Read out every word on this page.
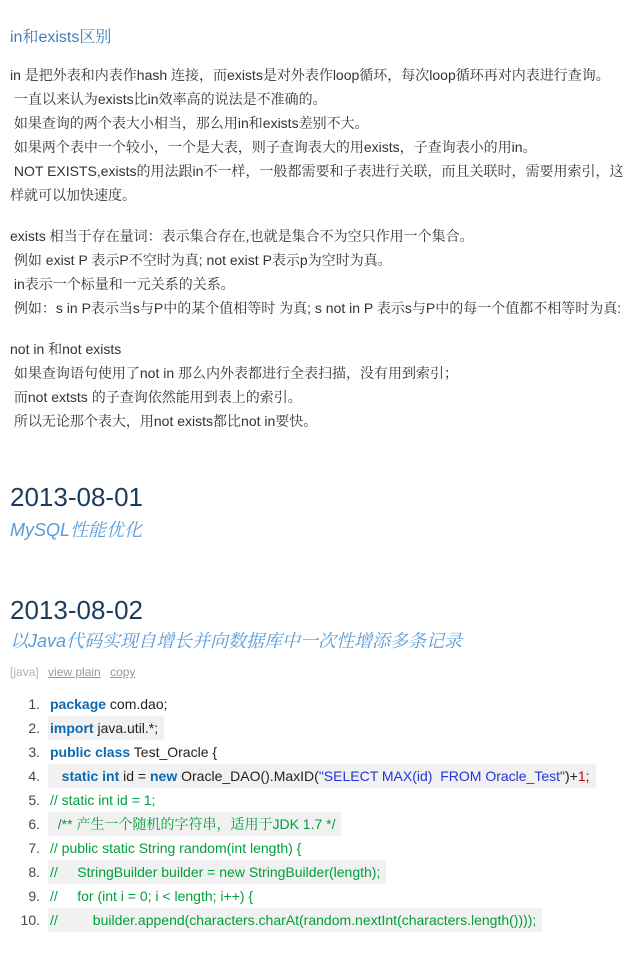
in和exists区别
in 是把外表和内表作hash 连接，而exists是对外表作loop循环，每次loop循环再对内表进行查询。
一直以来认为exists比in效率高的说法是不准确的。
如果查询的两个表大小相当，那么用in和exists差别不大。
如果两个表中一个较小，一个是大表，则子查询表大的用exists，子查询表小的用in。
NOT EXISTS,exists的用法跟in不一样，一般都需要和子表进行关联，而且关联时，需要用索引，这样就可以加快速度。
exists 相当于存在量词：表示集合存在,也就是集合不为空只作用一个集合。
例如 exist P 表示P不空时为真; not exist P表示p为空时为真。
in表示一个标量和一元关系的关系。
例如：s in P表示当s与P中的某个值相等时 为真; s not in P 表示s与P中的每一个值都不相等时为真:
not in 和not exists
如果查询语句使用了not in 那么内外表都进行全表扫描，没有用到索引；
而not extsts 的子查询依然能用到表上的索引。
所以无论那个表大，用not exists都比not in要快。
2013-08-01
MySQL性能优化
2013-08-02
以Java代码实现自增长并向数据库中一次性增添多条记录
[java] view plain copy
1. package com.dao;
2. import java.util.*;
3. public class Test_Oracle {
4.	static int id = new Oracle_DAO().MaxID("SELECT MAX(id)  FROM Oracle_Test")+1;
5. // static int id = 1;
6.	/** 产生一个随机的字符串，适用于JDK 1.7 */
7. // public static String random(int length) {
8. //     StringBuilder builder = new StringBuilder(length);
9. //     for (int i = 0; i < length; i++) {
10. //         builder.append(characters.charAt(random.nextInt(characters.length())));
